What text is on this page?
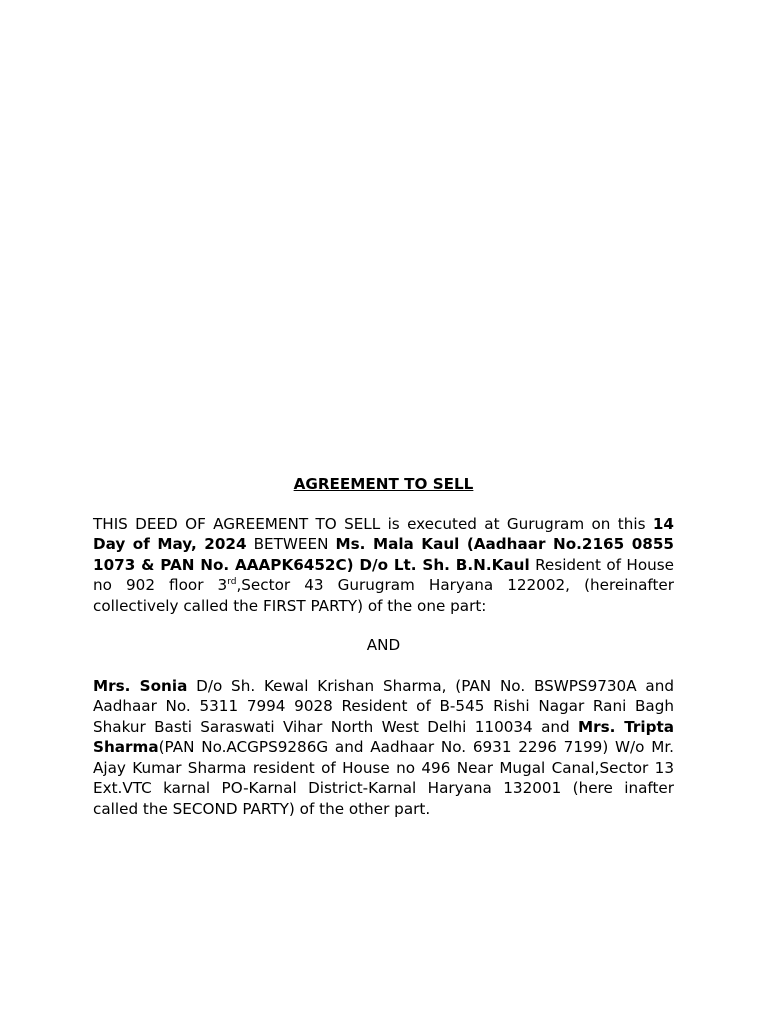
AGREEMENT TO SELL

THIS DEED OF AGREEMENT TO SELL is executed at Gurugram on this 14 Day of May, 2024 BETWEEN Ms. Mala Kaul (Aadhaar No.2165 0855 1073 & PAN No. AAAPK6452C) D/o Lt. Sh. B.N.Kaul Resident of House no 902 floor 3rd,Sector 43 Gurugram Haryana 122002, (hereinafter collectively called the FIRST PARTY) of the one part:

AND

Mrs. Sonia D/o Sh. Kewal Krishan Sharma, (PAN No. BSWPS9730A and Aadhaar No. 5311 7994 9028 Resident of B-545 Rishi Nagar Rani Bagh Shakur Basti Saraswati Vihar North West Delhi 110034 and Mrs. Tripta Sharma(PAN No.ACGPS9286G and Aadhaar No. 6931 2296 7199) W/o Mr. Ajay Kumar Sharma resident of House no 496 Near Mugal Canal,Sector 13 Ext.VTC karnal PO-Karnal District-Karnal Haryana 132001 (here inafter called the SECOND PARTY) of the other part.
